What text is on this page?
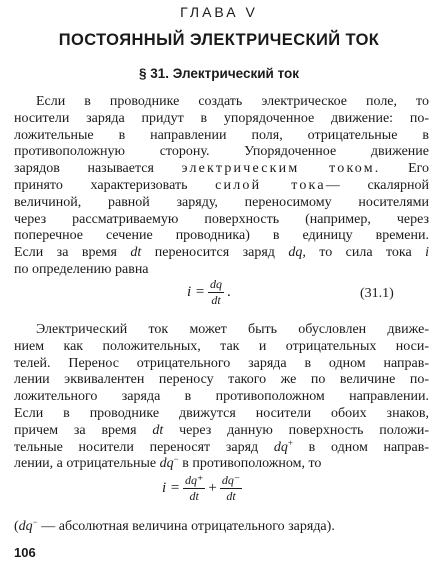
ГЛАВА V
ПОСТОЯННЫЙ ЭЛЕКТРИЧЕСКИЙ ТОК
§ 31. Электрический ток
Если в проводнике создать электрическое поле, то
носители заряда придут в упорядоченное движение: по-
ложительные в направлении поля, отрицательные в
противоположную сторону. Упорядоченное движение
зарядов называется электрическим током. Его
принято характеризовать силой тока— скалярной
величиной, равной заряду, переносимому носителями
через рассматриваемую поверхность (например, через
поперечное сечение проводника) в единицу времени.
Если за время dt переносится заряд dq, то сила тока i
по определению равна
$i = \frac{dq}{dt}$ .	(31.1)
Электрический ток может быть обусловлен движе-
нием как положительных, так и отрицательных носи-
телей. Перенос отрицательного заряда в одном направ-
лении эквивалентен переносу такого же по величине по-
ложительного заряда в противоположном направлении.
Если в проводнике движутся носители обоих знаков,
причем за время dt через данную поверхность положи-
тельные носители переносят заряд dq+ в одном направ-
лении, а отрицательные dq− в противоположном, то
$i = \frac{dq^+}{dt} + \frac{dq^-}{dt}$
(dq− — абсолютная величина отрицательного заряда).
106
